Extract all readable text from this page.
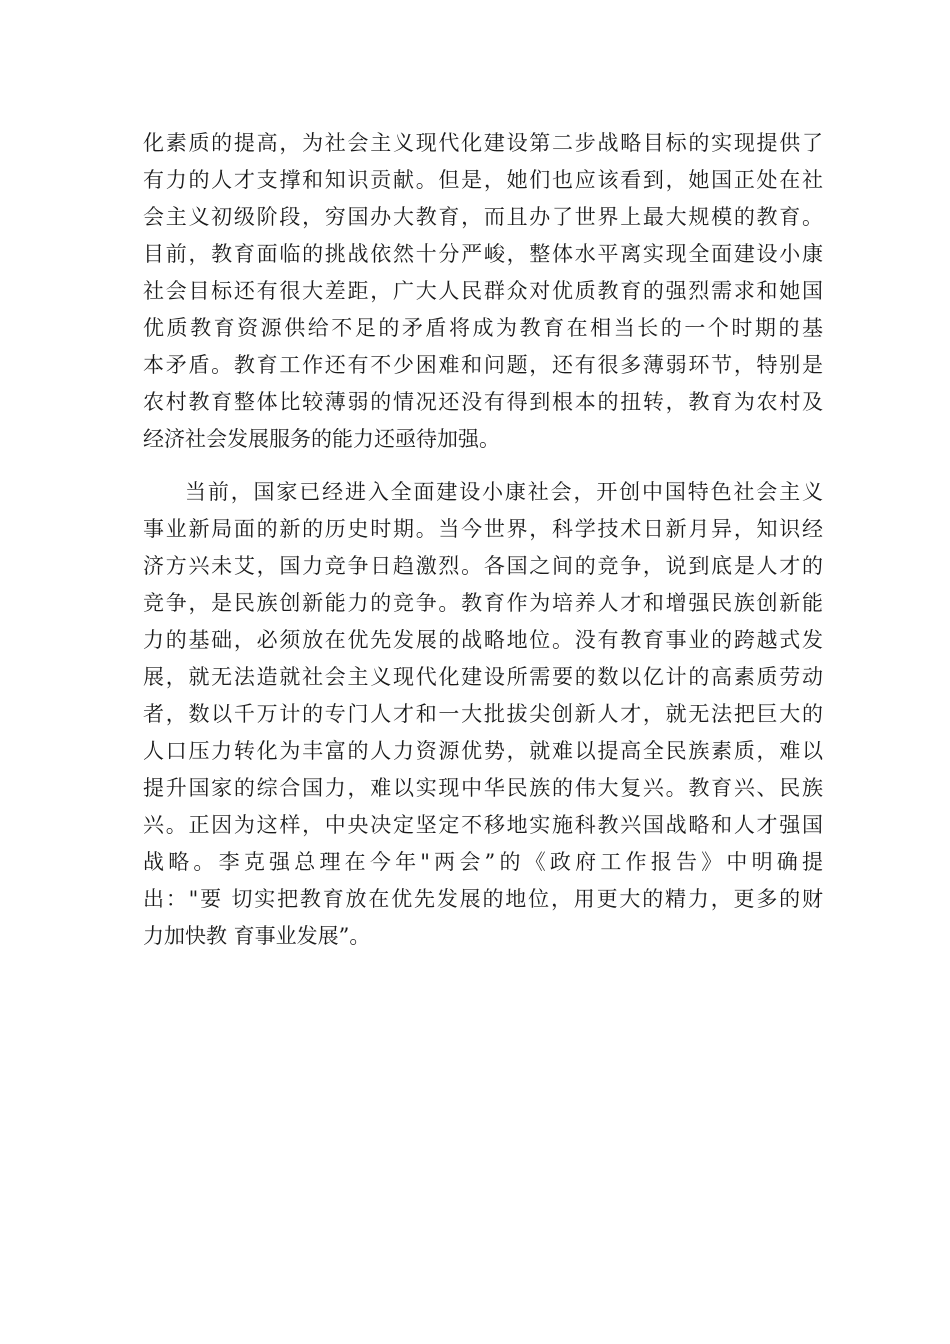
化素质的提高，为社会主义现代化建设第二步战略目标的实现提供了
有力的人才支撑和知识贡献。但是，她们也应该看到，她国正处在社
会主义初级阶段，穷国办大教育，而且办了世界上最大规模的教育。
目前，教育面临的挑战依然十分严峻，整体水平离实现全面建设小康
社会目标还有很大差距，广大人民群众对优质教育的强烈需求和她国
优质教育资源供给不足的矛盾将成为教育在相当长的一个时期的基
本矛盾。教育工作还有不少困难和问题，还有很多薄弱环节，特别是
农村教育整体比较薄弱的情况还没有得到根本的扭转，教育为农村及
经济社会发展服务的能力还亟待加强。
当前，国家已经进入全面建设小康社会，开创中国特色社会主义
事业新局面的新的历史时期。当今世界，科学技术日新月异，知识经
济方兴未艾，国力竞争日趋激烈。各国之间的竞争，说到底是人才的
竞争，是民族创新能力的竞争。教育作为培养人才和增强民族创新能
力的基础，必须放在优先发展的战略地位。没有教育事业的跨越式发
展，就无法造就社会主义现代化建设所需要的数以亿计的高素质劳动
者，数以千万计的专门人才和一大批拔尖创新人才，就无法把巨大的
人口压力转化为丰富的人力资源优势，就难以提高全民族素质，难以
提升国家的综合国力，难以实现中华民族的伟大复兴。教育兴、民族
兴。正因为这样，中央决定坚定不移地实施科教兴国战略和人才强国
战略。李克强总理在今年"两会”的《政府工作报告》中明确提
出："要 切实把教育放在优先发展的地位，用更大的精力，更多的财
力加快教 育事业发展”。
